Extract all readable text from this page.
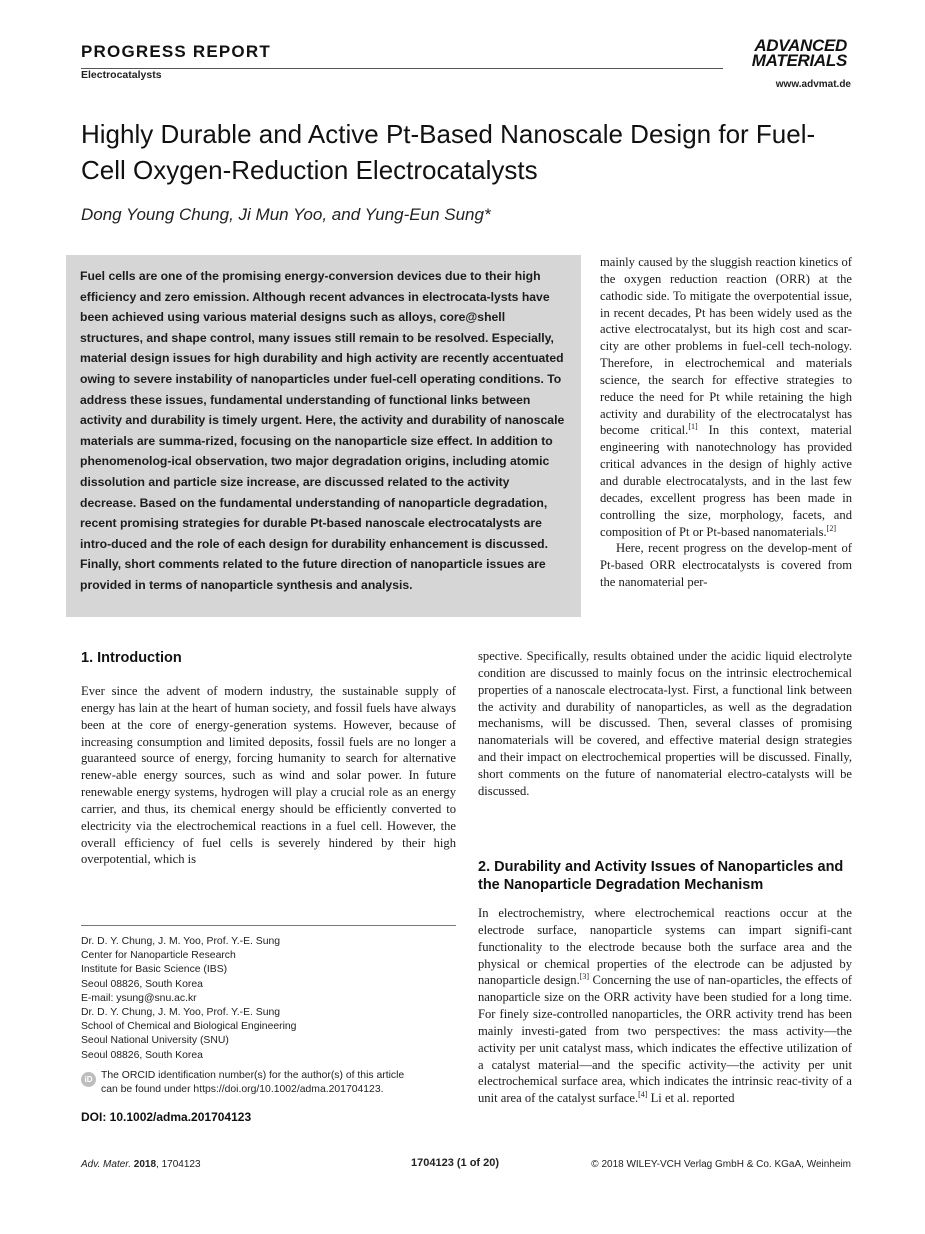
PROGRESS REPORT
Electrocatalysts
ADVANCED
MATERIALS
www.advmat.de
Highly Durable and Active Pt-Based Nanoscale Design for Fuel-Cell Oxygen-Reduction Electrocatalysts
Dong Young Chung, Ji Mun Yoo, and Yung-Eun Sung*

Fuel cells are one of the promising energy-conversion devices due to their high efficiency and zero emission. Although recent advances in electrocata-lysts have been achieved using various material designs such as alloys, core@shell structures, and shape control, many issues still remain to be resolved. Especially, material design issues for high durability and high activity are recently accentuated owing to severe instability of nanoparticles under fuel-cell operating conditions. To address these issues, fundamental understanding of functional links between activity and durability is timely urgent. Here, the activity and durability of nanoscale materials are summa-rized, focusing on the nanoparticle size effect. In addition to phenomenolog-ical observation, two major degradation origins, including atomic dissolution and particle size increase, are discussed related to the activity decrease. Based on the fundamental understanding of nanoparticle degradation, recent promising strategies for durable Pt-based nanoscale electrocatalysts are intro-duced and the role of each design for durability enhancement is discussed. Finally, short comments related to the future direction of nanoparticle issues are provided in terms of nanoparticle synthesis and analysis.

mainly caused by the sluggish reaction kinetics of the oxygen reduction reaction (ORR) at the cathodic side. To mitigate the overpotential issue, in recent decades, Pt has been widely used as the active electrocatalyst, but its high cost and scar-city are other problems in fuel-cell tech-nology. Therefore, in electrochemical and materials science, the search for effective strategies to reduce the need for Pt while retaining the high activity and durability of the electrocatalyst has become critical.[1] In this context, material engineering with nanotechnology has provided critical advances in the design of highly active and durable electrocatalysts, and in the last few decades, excellent progress has been made in controlling the size, morphology, facets, and composition of Pt or Pt-based nanomaterials.[2]

Here, recent progress on the develop-ment of Pt-based ORR electrocatalysts is covered from the nanomaterial per-

spective. Specifically, results obtained under the acidic liquid electrolyte condition are discussed to mainly focus on the intrinsic electrochemical properties of a nanoscale electrocata-lyst. First, a functional link between the activity and durability of nanoparticles, as well as the degradation mechanisms, will be discussed. Then, several classes of promising nanomaterials will be covered, and effective material design strategies and their impact on electrochemical properties will be discussed. Finally, short comments on the future of nanomaterial electro-catalysts will be discussed.

1. Introduction

Ever since the advent of modern industry, the sustainable supply of energy has lain at the heart of human society, and fossil fuels have always been at the core of energy-generation systems. However, because of increasing consumption and limited deposits, fossil fuels are no longer a guaranteed source of energy, forcing humanity to search for alternative renew-able energy sources, such as wind and solar power. In future renewable energy systems, hydrogen will play a crucial role as an energy carrier, and thus, its chemical energy should be efficiently converted to electricity via the electrochemical reactions in a fuel cell. However, the overall efficiency of fuel cells is severely hindered by their high overpotential, which is	2. Durability and Activity Issues of Nanoparticles and the Nanoparticle Degradation Mechanism

In electrochemistry, where electrochemical reactions occur at the electrode surface, nanoparticle systems can impart signifi-cant functionality to the electrode because both the surface area and the physical or chemical properties of the electrode can be adjusted by nanoparticle design.[3] Concerning the use of nan-oparticles, the effects of nanoparticle size on the ORR activity have been studied for a long time. For finely size-controlled nanoparticles, the ORR activity trend has been mainly investi-gated from two perspectives: the mass activity—the activity per unit catalyst mass, which indicates the effective utilization of a catalyst material—and the specific activity—the activity per unit electrochemical surface area, which indicates the intrinsic reac-tivity of a unit area of the catalyst surface.[4] Li et al. reported

Dr. D. Y. Chung, J. M. Yoo, Prof. Y.-E. Sung
Center for Nanoparticle Research
Institute for Basic Science (IBS)
Seoul 08826, South Korea
E-mail: ysung@snu.ac.kr
Dr. D. Y. Chung, J. M. Yoo, Prof. Y.-E. Sung
School of Chemical and Biological Engineering
Seoul National University (SNU)
Seoul 08826, South Korea
iD The ORCID identification number(s) for the author(s) of this article
can be found under https://doi.org/10.1002/adma.201704123.
DOI: 10.1002/adma.201704123
Adv. Mater. 2018, 1704123	1704123 (1 of 20)	© 2018 WILEY-VCH Verlag GmbH & Co. KGaA, Weinheim
